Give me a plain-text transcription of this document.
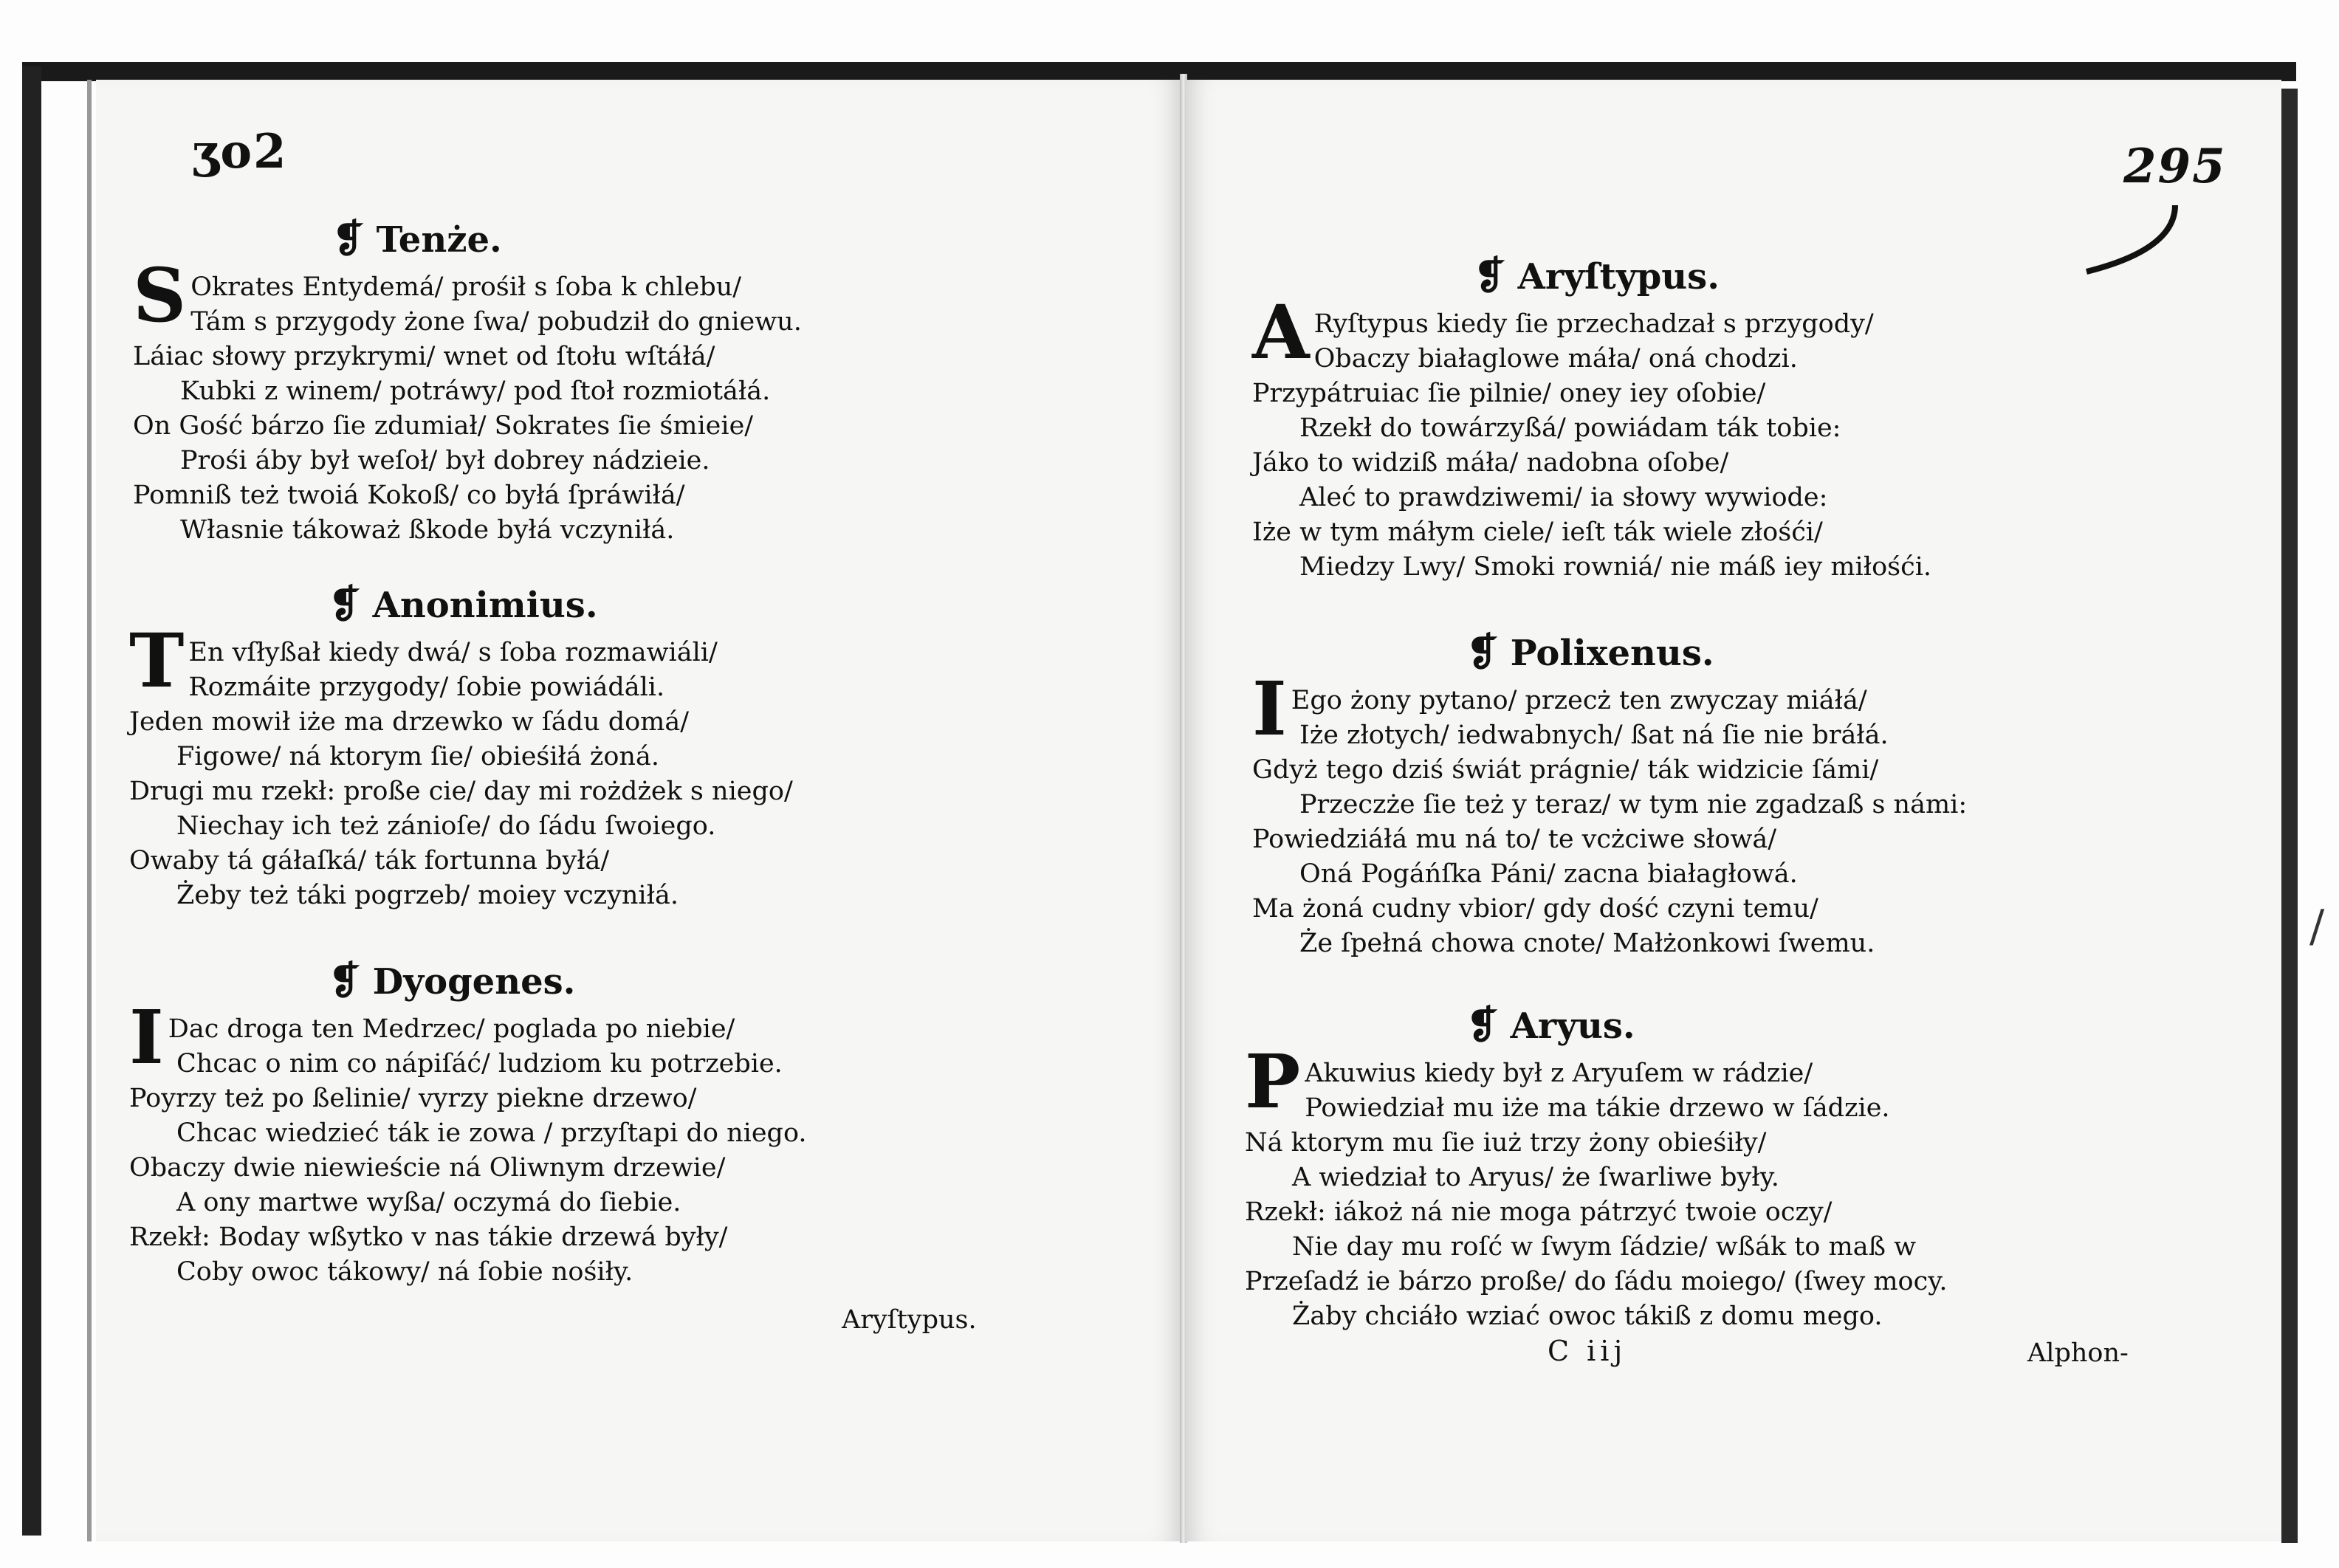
ʒo2
❡ Tenże.
S Okrates Entydemá/ prośił s ſoba k chlebu/
Tám s przygody żone ſwa/ pobudził do gniewu.
Láiac słowy przykrymi/ wnet od ſtołu wſtáłá/
Kubki z winem/ potráwy/ pod ſtoł rozmiotáłá.
On Gość bárzo ſie zdumiał/ Sokrates ſie śmieie/
Prośi áby był weſoł/ był dobrey nádzieie.
Pomniß też twoiá Kokoß/ co byłá ſpráwiłá/
Własnie tákoważ ßkode byłá vczyniłá.
❡ Anonimius.
T En vſłyßał kiedy dwá/ s ſoba rozmawiáli/
Rozmáite przygody/ ſobie powiádáli.
Jeden mowił iże ma drzewko w ſádu domá/
Figowe/ ná ktorym ſie/ obieśiłá żoná.
Drugi mu rzekł: proße cie/ day mi rożdżek s niego/
Niechay ich też zánioſe/ do ſádu ſwoiego.
Owaby tá gáłaſká/ ták fortunna byłá/
Żeby też táki pogrzeb/ moiey vczyniłá.
❡ Dyogenes.
I Dac droga ten Medrzec/ poglada po niebie/
Chcac o nim co nápiſáć/ ludziom ku potrzebie.
Poyrzy też po ßelinie/ vyrzy piekne drzewo/
Chcac wiedzieć ták ie zowa / przyſtapi do niego.
Obaczy dwie niewieście ná Oliwnym drzewie/
A ony martwe wyßa/ oczymá do ſiebie.
Rzekł: Boday wßytko v nas tákie drzewá były/
Coby owoc tákowy/ ná ſobie nośiły.
Aryſtypus.
295
❡ Aryſtypus.
A Ryſtypus kiedy ſie przechadzał s przygody/
Obaczy białaglowe máła/ oná chodzi.
Przypátruiac ſie pilnie/ oney iey oſobie/
Rzekł do towárzyßá/ powiádam ták tobie:
Jáko to widziß máła/ nadobna oſobe/
Aleć to prawdziwemi/ ia słowy wywiode:
Iże w tym máłym ciele/ ieſt ták wiele złośći/
Miedzy Lwy/ Smoki rowniá/ nie máß iey miłośći.
❡ Polixenus.
I Ego żony pytano/ przecż ten zwyczay miáłá/
Iże złotych/ iedwabnych/ ßat ná ſie nie bráłá.
Gdyż tego dziś świát prágnie/ ták widzicie ſámi/
Przeczże ſie też y teraz/ w tym nie zgadzaß s námi:
Powiedziáłá mu ná to/ te vcżciwe słowá/
Oná Pogáńſka Páni/ zacna białagłowá.
Ma żoná cudny vbior/ gdy dość czyni temu/
Że ſpełná chowa cnote/ Małżonkowi ſwemu.
❡ Aryus.
P Akuwius kiedy był z Aryuſem w rádzie/
Powiedział mu iże ma tákie drzewo w ſádzie.
Ná ktorym mu ſie iuż trzy żony obieśiły/
A wiedział to Aryus/ że ſwarliwe były.
Rzekł: iákoż ná nie moga pátrzyć twoie oczy/
Nie day mu roſć w ſwym ſádzie/ wßák to maß w
Przeſadź ie bárzo proße/ do ſádu moiego/ (ſwey mocy.
Żaby chciáło wziać owoc tákiß z domu mego.
C iij	Alphon-
/
